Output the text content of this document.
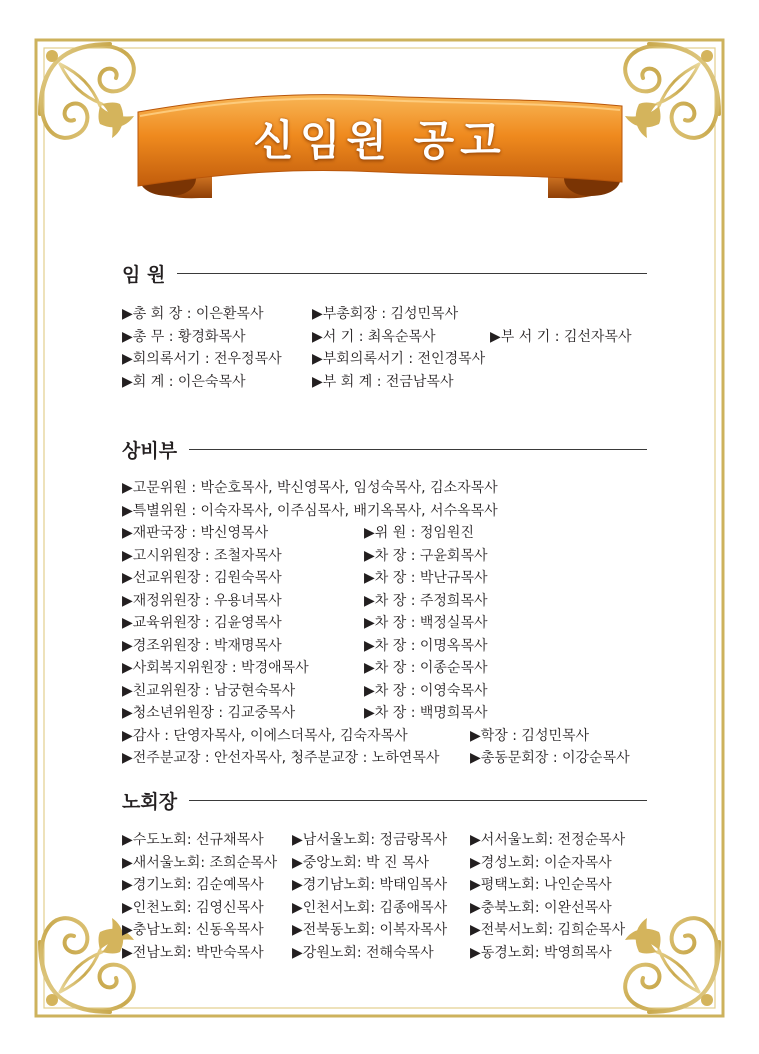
신임원 공고
임 원
▶총 회 장 : 이은환목사	▶부총회장 : 김성민목사
▶총 무 : 황경화목사	▶서 기 : 최옥순목사	▶부 서 기 : 김선자목사
▶회의록서기 : 전우정목사 ▶부회의록서기 : 전인경목사
▶회 계 : 이은숙목사	▶부 회 계 : 전금남목사
상비부
▶고문위원 : 박순호목사, 박신영목사, 임성숙목사, 김소자목사
▶특별위원 : 이숙자목사, 이주심목사, 배기옥목사, 서수옥목사
▶재판국장 : 박신영목사	▶위 원 : 정임원진
▶고시위원장 : 조철자목사	▶차 장 : 구윤회목사
▶선교위원장 : 김원숙목사	▶차 장 : 박난규목사
▶재정위원장 : 우용녀목사	▶차 장 : 주정희목사
▶교육위원장 : 김윤영목사	▶차 장 : 백정실목사
▶경조위원장 : 박재명목사	▶차 장 : 이명옥목사
▶사회복지위원장 : 박경애목사	▶차 장 : 이종순목사
▶친교위원장 : 남궁현숙목사	▶차 장 : 이영숙목사
▶청소년위원장 : 김교중목사	▶차 장 : 백명희목사
▶감사 : 단영자목사, 이에스더목사, 김숙자목사	▶학장 : 김성민목사
▶전주분교장 : 안선자목사, 청주분교장 : 노하연목사 ▶총동문회장 : 이강순목사
노회장
▶수도노회: 선규채목사 ▶남서울노회: 정금랑목사 ▶서서울노회: 전정순목사
▶새서울노회: 조희순목사 ▶중앙노회: 박 진 목사	▶경성노회: 이순자목사
▶경기노회: 김순예목사 ▶경기남노회: 박태임목사 ▶평택노회: 나인순목사
▶인천노회: 김영신목사 ▶인천서노회: 김종애목사 ▶충북노회: 이완선목사
▶충남노회: 신동옥목사 ▶전북동노회: 이복자목사 ▶전북서노회: 김희순목사
▶전남노회: 박만숙목사 ▶강원노회: 전해숙목사	▶동경노회: 박영희목사
